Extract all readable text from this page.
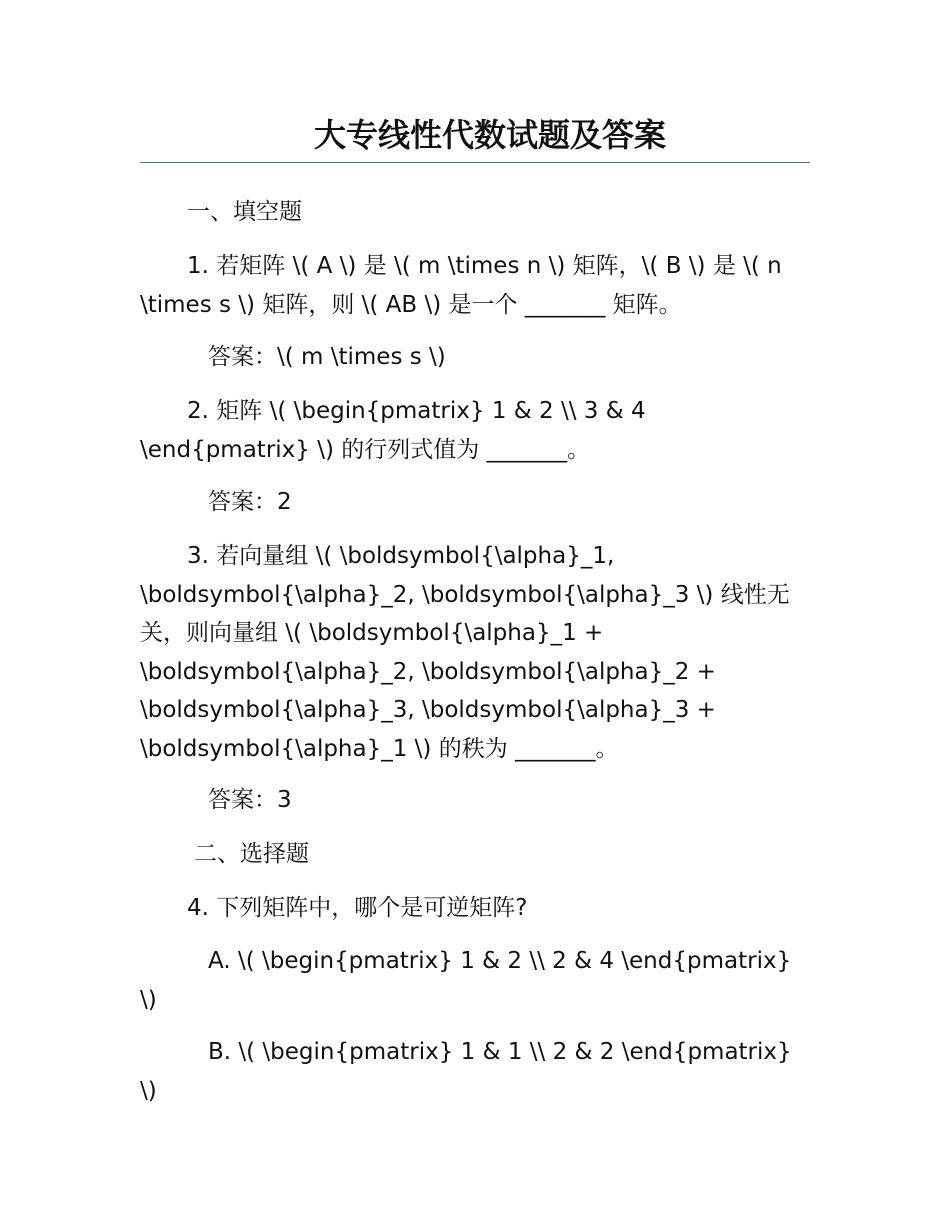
大专线性代数试题及答案

一、填空题

1. 若矩阵 \( A \) 是 \( m \times n \) 矩阵，\( B \) 是 \( n \times s \) 矩阵，则 \( AB \) 是一个 _______ 矩阵。

答案：\( m \times s \)

2. 矩阵 \( \begin{pmatrix} 1 & 2 \\ 3 & 4 \end{pmatrix} \) 的行列式值为 _______。

答案：2

3. 若向量组 \( \boldsymbol{\alpha}_1, \boldsymbol{\alpha}_2, \boldsymbol{\alpha}_3 \) 线性无关，则向量组 \( \boldsymbol{\alpha}_1 + \boldsymbol{\alpha}_2, \boldsymbol{\alpha}_2 + \boldsymbol{\alpha}_3, \boldsymbol{\alpha}_3 + \boldsymbol{\alpha}_1 \) 的秩为 _______。

答案：3

二、选择题

4. 下列矩阵中，哪个是可逆矩阵?

A. \( \begin{pmatrix} 1 & 2 \\ 2 & 4 \end{pmatrix} \)

B. \( \begin{pmatrix} 1 & 1 \\ 2 & 2 \end{pmatrix} \)
